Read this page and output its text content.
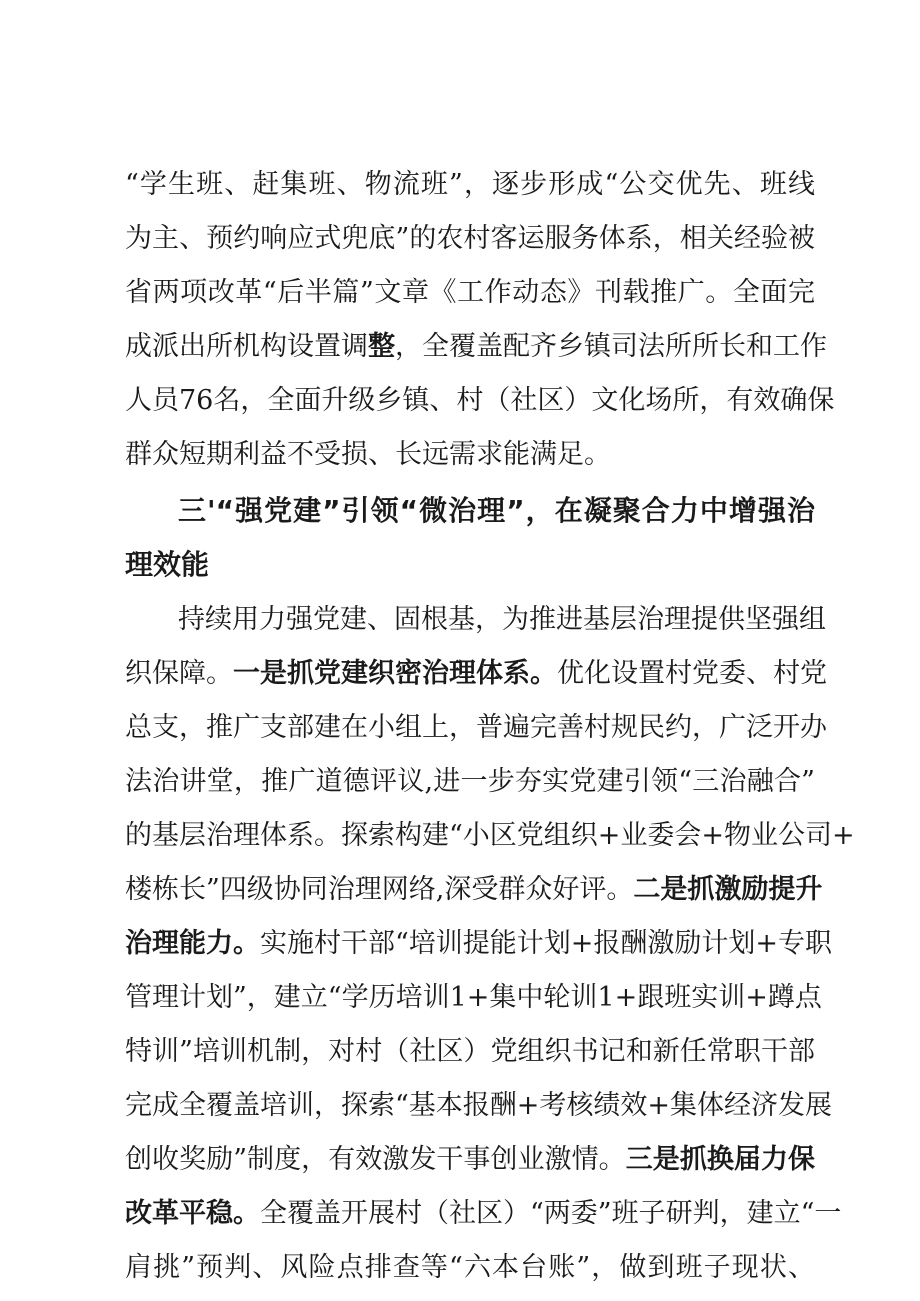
“学生班、赶集班、物流班”，逐步形成“公交优先、班线
为主、预约响应式兜底”的农村客运服务体系，相关经验被
省两项改革“后半篇”文章《工作动态》刊载推广。全面完
成派出所机构设置调整，全覆盖配齐乡镇司法所所长和工作
人员76名，全面升级乡镇、村（社区）文化场所，有效确保
群众短期利益不受损、长远需求能满足。
三'“强党建”引领“微治理”，在凝聚合力中增强治
理效能
持续用力强党建、固根基，为推进基层治理提供坚强组
织保障。一是抓党建织密治理体系。优化设置村党委、村党
总支，推广支部建在小组上，普遍完善村规民约，广泛开办
法治讲堂，推广道德评议,进一步夯实党建引领“三治融合”
的基层治理体系。探索构建“小区党组织+业委会+物业公司+
楼栋长”四级协同治理网络,深受群众好评。二是抓激励提升
治理能力。实施村干部“培训提能计划+报酬激励计划+专职
管理计划”，建立“学历培训1+集中轮训1+跟班实训+蹲点
特训”培训机制，对村（社区）党组织书记和新任常职干部
完成全覆盖培训，探索“基本报酬+考核绩效+集体经济发展
创收奖励”制度，有效激发干事创业激情。三是抓换届力保
改革平稳。全覆盖开展村（社区）“两委”班子研判，建立“一
肩挑”预判、风险点排查等“六本台账”，做到班子现状、
